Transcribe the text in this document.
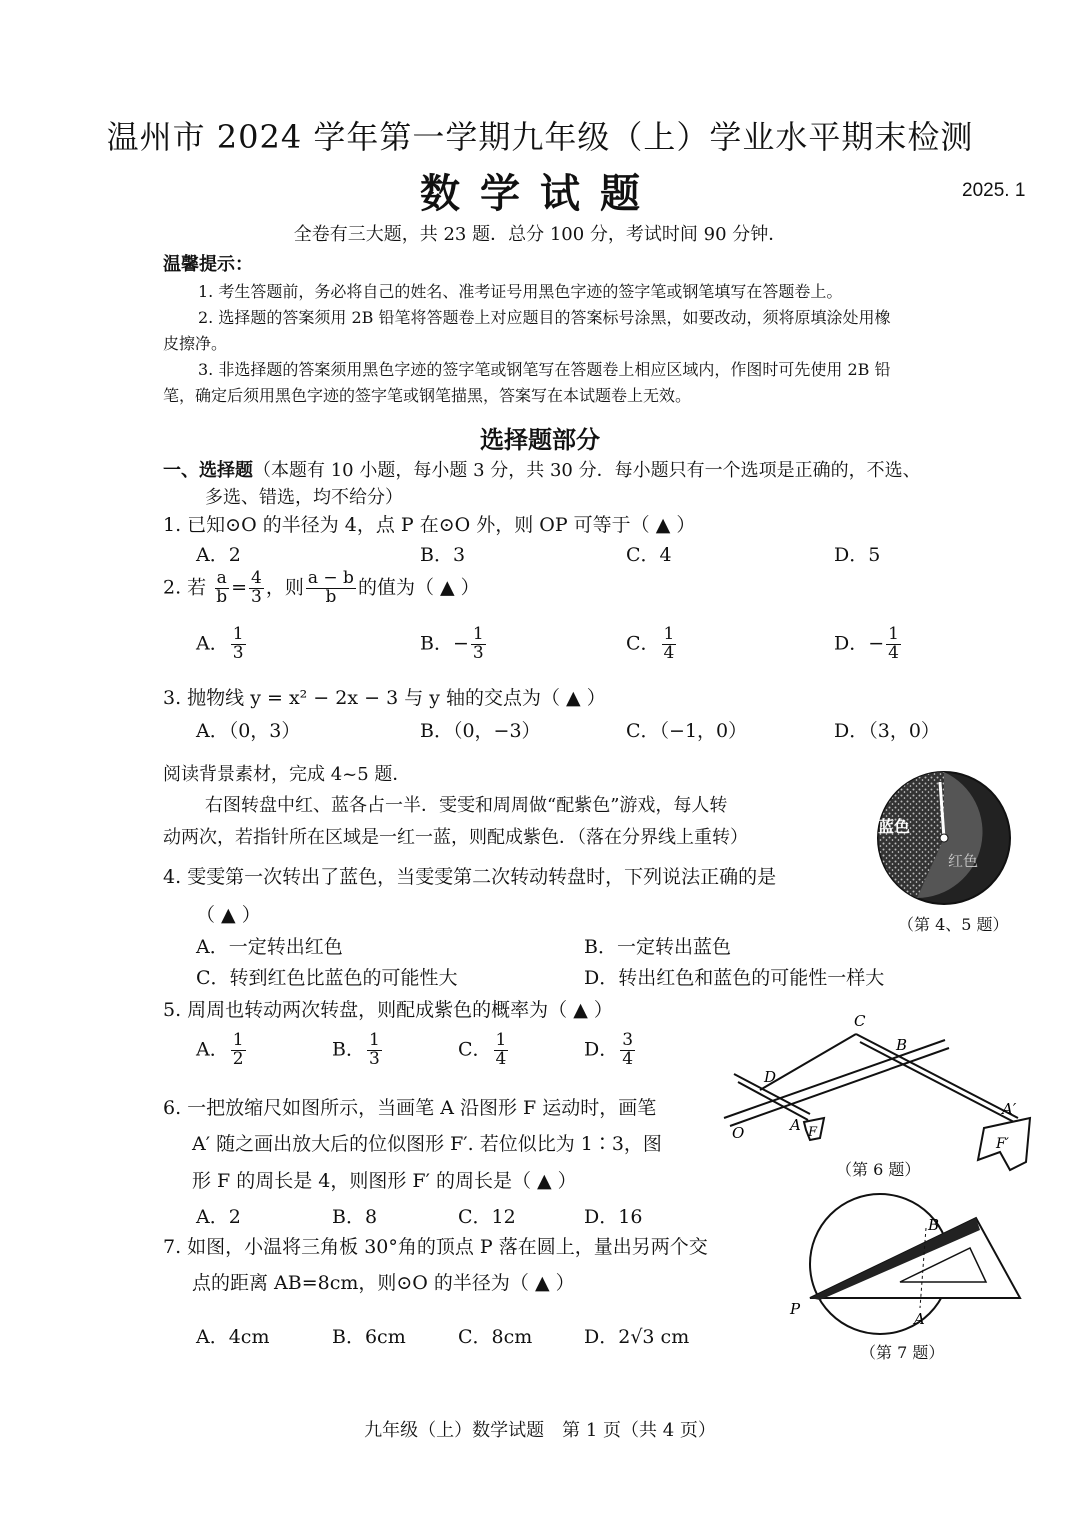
温州市 2024 学年第一学期九年级（上）学业水平期末检测
数学试题	2025. 1
全卷有三大题，共 23 题．总分 100 分，考试时间 90 分钟．
温馨提示：
1. 考生答题前，务必将自己的姓名、准考证号用黑色字迹的签字笔或钢笔填写在答题卷上。
2. 选择题的答案须用 2B 铅笔将答题卷上对应题目的答案标号涂黑，如要改动，须将原填涂处用橡
皮擦净。
3. 非选择题的答案须用黑色字迹的签字笔或钢笔写在答题卷上相应区域内，作图时可先使用 2B 铅
笔，确定后须用黑色字迹的签字笔或钢笔描黑，答案写在本试题卷上无效。
选择题部分
一、选择题（本题有 10 小题，每小题 3 分，共 30 分．每小题只有一个选项是正确的，不选、
多选、错选，均不给分）
1. 已知⊙O 的半径为 4，点 P 在⊙O 外，则 OP 可等于（ ▲ ）
A．2	B．3	C．4	D．5
2. 若 $\frac{a}{b} = \frac{4}{3}$ ，则 $\frac{a - b}{b}$ 的值为（ ▲ ）
A． $\frac{1}{3}$	B．− $\frac{1}{3}$	C． $\frac{1}{4}$	D．− $\frac{1}{4}$
3. 抛物线 y = x² − 2x − 3 与 y 轴的交点为（ ▲ ）
A．（0，3）	B．（0，−3）	C．（−1，0）	D．（3，0）
阅读背景素材，完成 4~5 题．
右图转盘中红、蓝各占一半．雯雯和周周做“配紫色”游戏，每人转
动两次，若指针所在区域是一红一蓝，则配成紫色．（落在分界线上重转）
蓝色
红色
（第 4、5 题）
4. 雯雯第一次转出了蓝色，当雯雯第二次转动转盘时，下列说法正确的是
（ ▲ ）
A．一定转出红色	B．一定转出蓝色
C．转到红色比蓝色的可能性大	D．转出红色和蓝色的可能性一样大
5. 周周也转动两次转盘，则配成紫色的概率为（ ▲ ）
A． $\frac{1}{2}$	B． $\frac{1}{3}$	C． $\frac{1}{4}$	D． $\frac{3}{4}$
6. 一把放缩尺如图所示，当画笔 A 沿图形 F 运动时，画笔
A′ 随之画出放大后的位似图形 F′. 若位似比为 1∶3，图
形 F 的周长是 4，则图形 F′ 的周长是（ ▲ ）
A．2	B．8	C．12	D．16
C
B
D
O	A F
A′
F′
（第 6 题）
7. 如图，小温将三角板 30°角的顶点 P 落在圆上，量出另两个交
点的距离 AB=8cm，则⊙O 的半径为（ ▲ ）
A．4cm	B．6cm	C．8cm	D．2√3 cm
B
A
P
（第 7 题）
九年级（上）数学试题　第 1 页（共 4 页）
